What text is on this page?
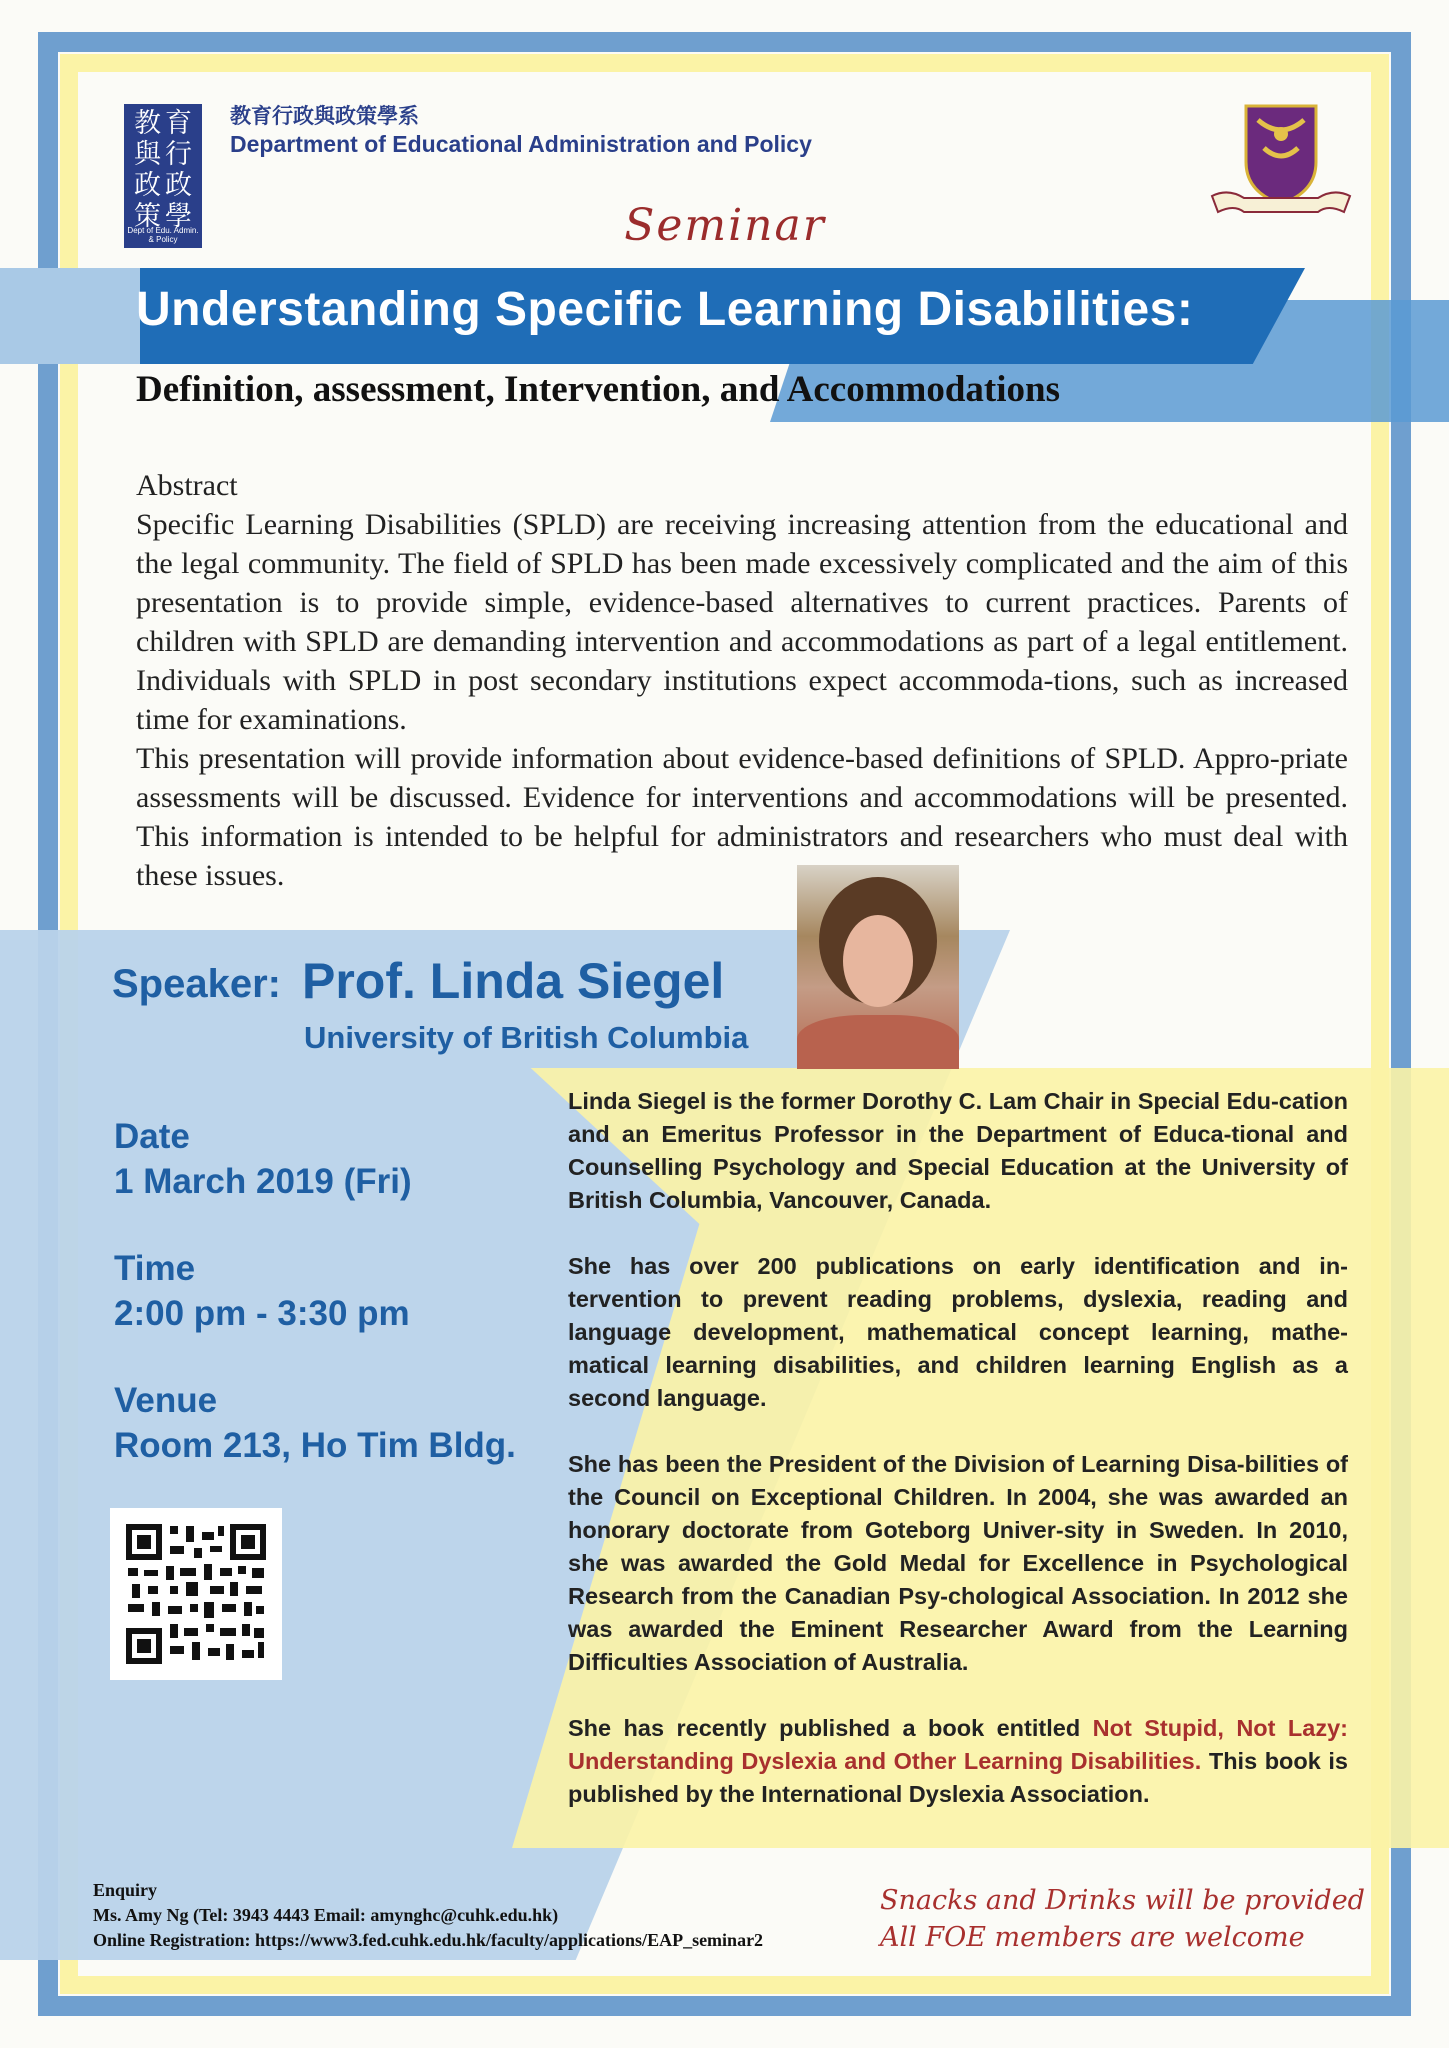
教 育
與 行
政 政
策 學
Dept of Edu. Admin. & Policy
教育行政與政策學系
Department of Educational Administration and Policy
Seminar
Understanding Specific Learning Disabilities:
Definition, assessment, Intervention, and Accommodations

Abstract

Specific Learning Disabilities (SPLD) are receiving increasing attention from the educational and the legal community. The field of SPLD has been made excessively complicated and the aim of this presentation is to provide simple, evidence-based alternatives to current practices. Parents of children with SPLD are demanding intervention and accommodations as part of a legal entitlement. Individuals with SPLD in post secondary institutions expect accommoda-tions, such as increased time for examinations.

This presentation will provide information about evidence-based definitions of SPLD. Appro-priate assessments will be discussed. Evidence for interventions and accommodations will be presented. This information is intended to be helpful for administrators and researchers who must deal with these issues.

Speaker: Prof. Linda Siegel
University of British Columbia
Date
1 March 2019 (Fri)
Time
2:00 pm - 3:30 pm
Venue
Room 213, Ho Tim Bldg.

Linda Siegel is the former Dorothy C. Lam Chair in Special Edu-cation and an Emeritus Professor in the Department of Educa-tional and Counselling Psychology and Special Education at the University of British Columbia, Vancouver, Canada.

She has over 200 publications on early identification and in-tervention to prevent reading problems, dyslexia, reading and language development, mathematical concept learning, mathe-matical learning disabilities, and children learning English as a second language.

She has been the President of the Division of Learning Disa-bilities of the Council on Exceptional Children. In 2004, she was awarded an honorary doctorate from Goteborg Univer-sity in Sweden. In 2010, she was awarded the Gold Medal for Excellence in Psychological Research from the Canadian Psy-chological Association. In 2012 she was awarded the Eminent Researcher Award from the Learning Difficulties Association of Australia.

She has recently published a book entitled Not Stupid, Not Lazy: Understanding Dyslexia and Other Learning Disabilities. This book is published by the International Dyslexia Association.

Enquiry
Ms. Amy Ng (Tel: 3943 4443 Email: amynghc@cuhk.edu.hk)
Online Registration: https://www3.fed.cuhk.edu.hk/faculty/applications/EAP_seminar2
Snacks and Drinks will be provided
All FOE members are welcome
